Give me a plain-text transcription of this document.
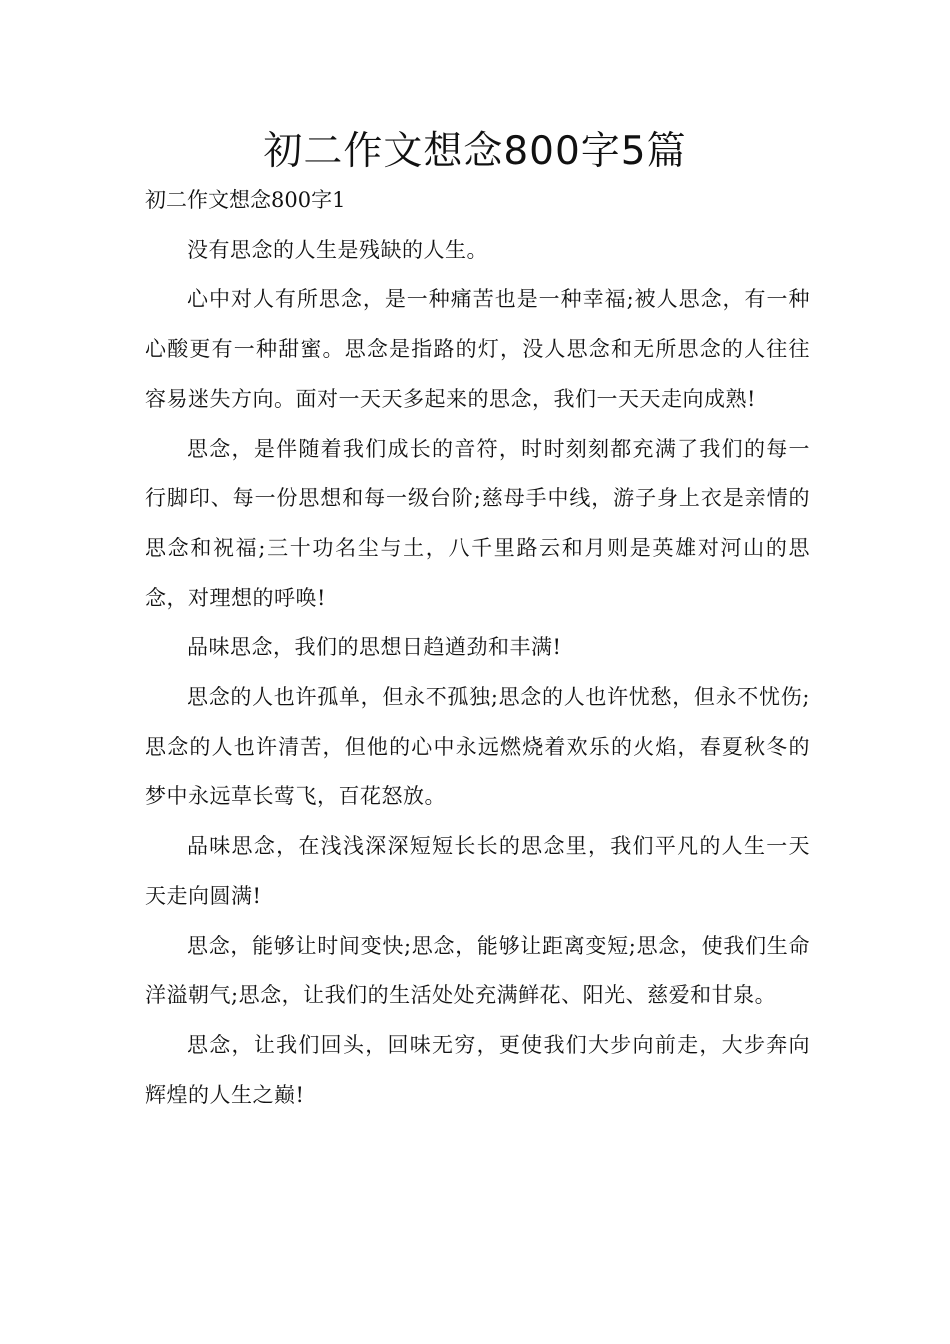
初二作文想念800字5篇

初二作文想念800字1

没有思念的人生是残缺的人生。

心中对人有所思念，是一种痛苦也是一种幸福;被人思念，有一种心酸更有一种甜蜜。思念是指路的灯，没人思念和无所思念的人往往容易迷失方向。面对一天天多起来的思念，我们一天天走向成熟!

思念，是伴随着我们成长的音符，时时刻刻都充满了我们的每一行脚印、每一份思想和每一级台阶;慈母手中线，游子身上衣是亲情的思念和祝福;三十功名尘与土，八千里路云和月则是英雄对河山的思念，对理想的呼唤!

品味思念，我们的思想日趋遒劲和丰满!

思念的人也许孤单，但永不孤独;思念的人也许忧愁，但永不忧伤;思念的人也许清苦，但他的心中永远燃烧着欢乐的火焰，春夏秋冬的梦中永远草长莺飞，百花怒放。

品味思念，在浅浅深深短短长长的思念里，我们平凡的人生一天天走向圆满!

思念，能够让时间变快;思念，能够让距离变短;思念，使我们生命洋溢朝气;思念，让我们的生活处处充满鲜花、阳光、慈爱和甘泉。

思念，让我们回头，回味无穷，更使我们大步向前走，大步奔向辉煌的人生之巅!
